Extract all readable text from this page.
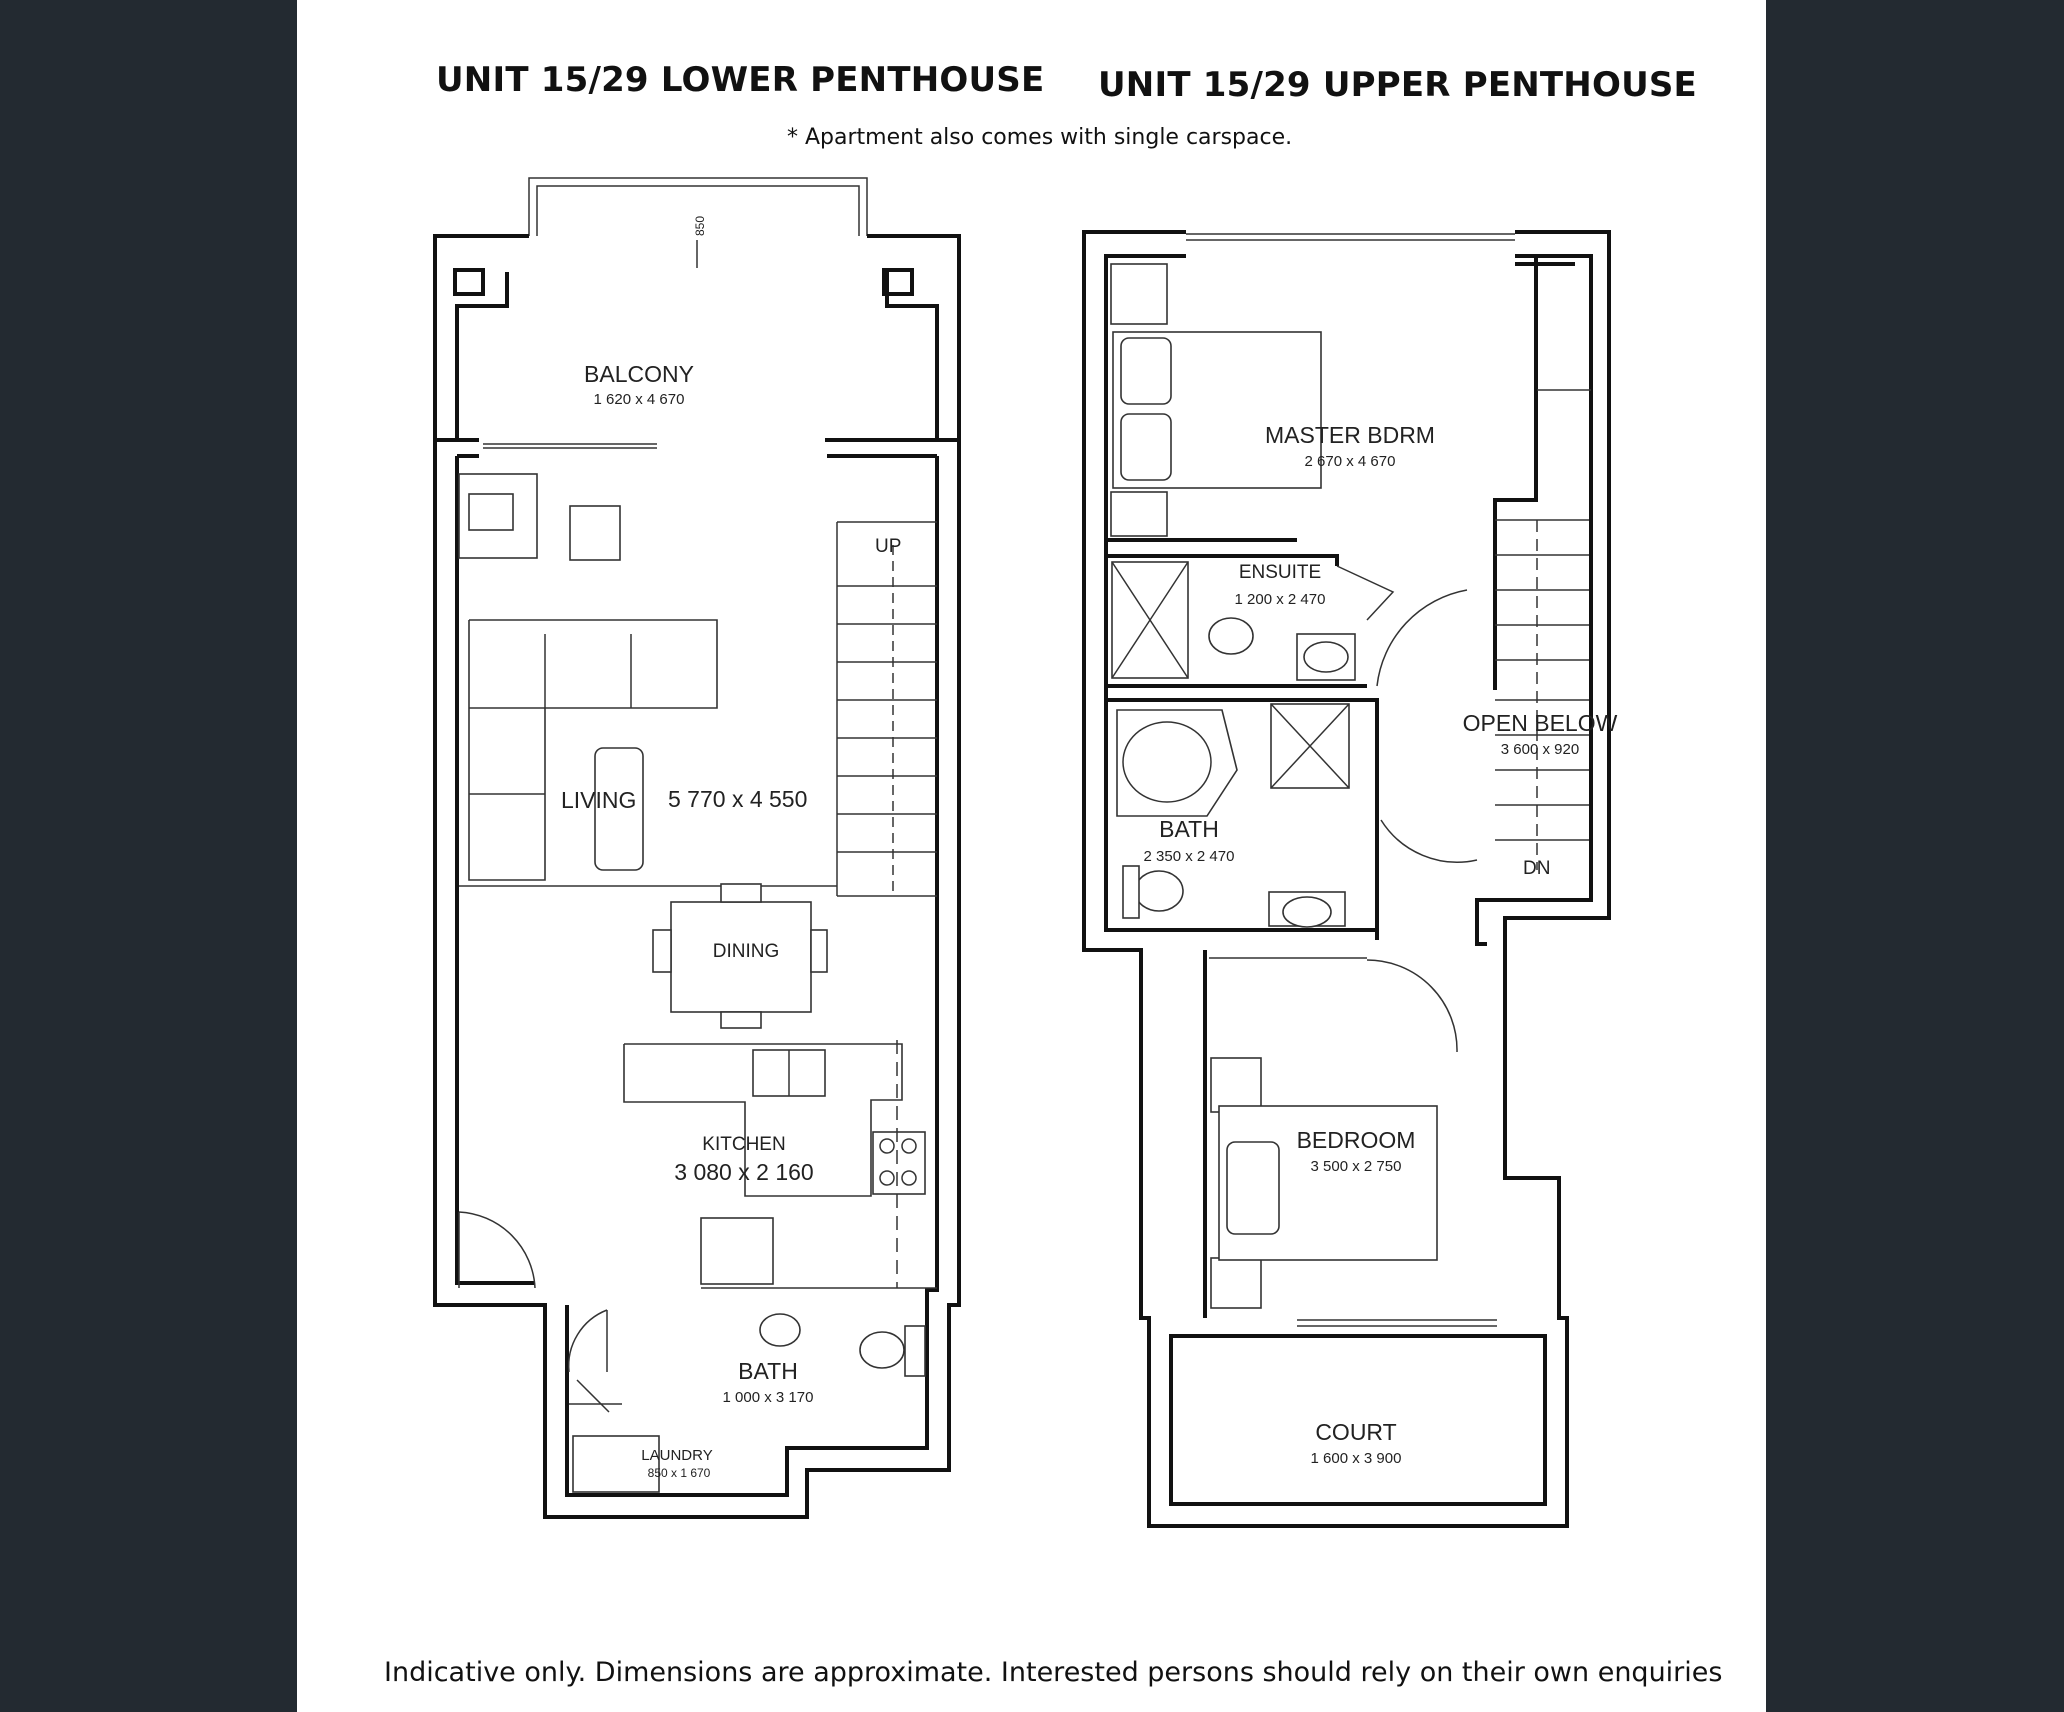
UNIT 15/29 LOWER PENTHOUSE UNIT 15/29 UPPER PENTHOUSE
* Apartment also comes with single carspace.
850
UP
BALCONY
1 620 x 4 670
LIVING 5 770 x 4 550
DINING
KITCHEN
3 080 x 2 160
BATH
1 000 x 3 170
LAUNDRY
850 x 1 670
DN
MASTER BDRM
2 670 x 4 670
ENSUITE
1 200 x 2 470
OPEN BELOW
3 600 x 920
BATH
2 350 x 2 470
BEDROOM
3 500 x 2 750
COURT
1 600 x 3 900
Indicative only. Dimensions are approximate. Interested persons should rely on their own enquiries
